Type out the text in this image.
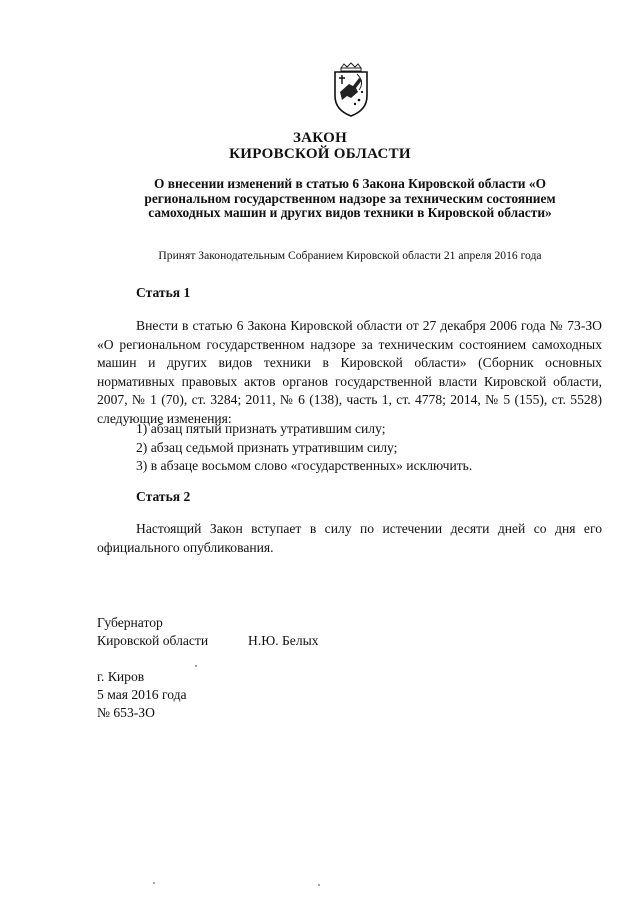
ЗАКОН
КИРОВСКОЙ ОБЛАСТИ
О внесении изменений в статью 6 Закона Кировской области «О региональном государственном надзоре за техническим состоянием самоходных машин и других видов техники в Кировской области»
Принят Законодательным Собранием Кировской области 21 апреля 2016 года
Статья 1

Внести в статью 6 Закона Кировской области от 27 декабря 2006 года № 73-ЗО «О региональном государственном надзоре за техническим состоянием самоходных машин и других видов техники в Кировской области» (Сборник основных нормативных правовых актов органов государственной власти Кировской области, 2007, № 1 (70), ст. 3284; 2011, № 6 (138), часть 1, ст. 4778; 2014, № 5 (155), ст. 5528) следующие изменения:

1) абзац пятый признать утратившим силу;
2) абзац седьмой признать утратившим силу;
3) в абзаце восьмом слово «государственных» исключить.
Статья 2

Настоящий Закон вступает в силу по истечении десяти дней со дня его официального опубликования.

Губернатор
Кировской области	Н.Ю. Белых
г. Киров
5 мая 2016 года
№ 653-ЗО
